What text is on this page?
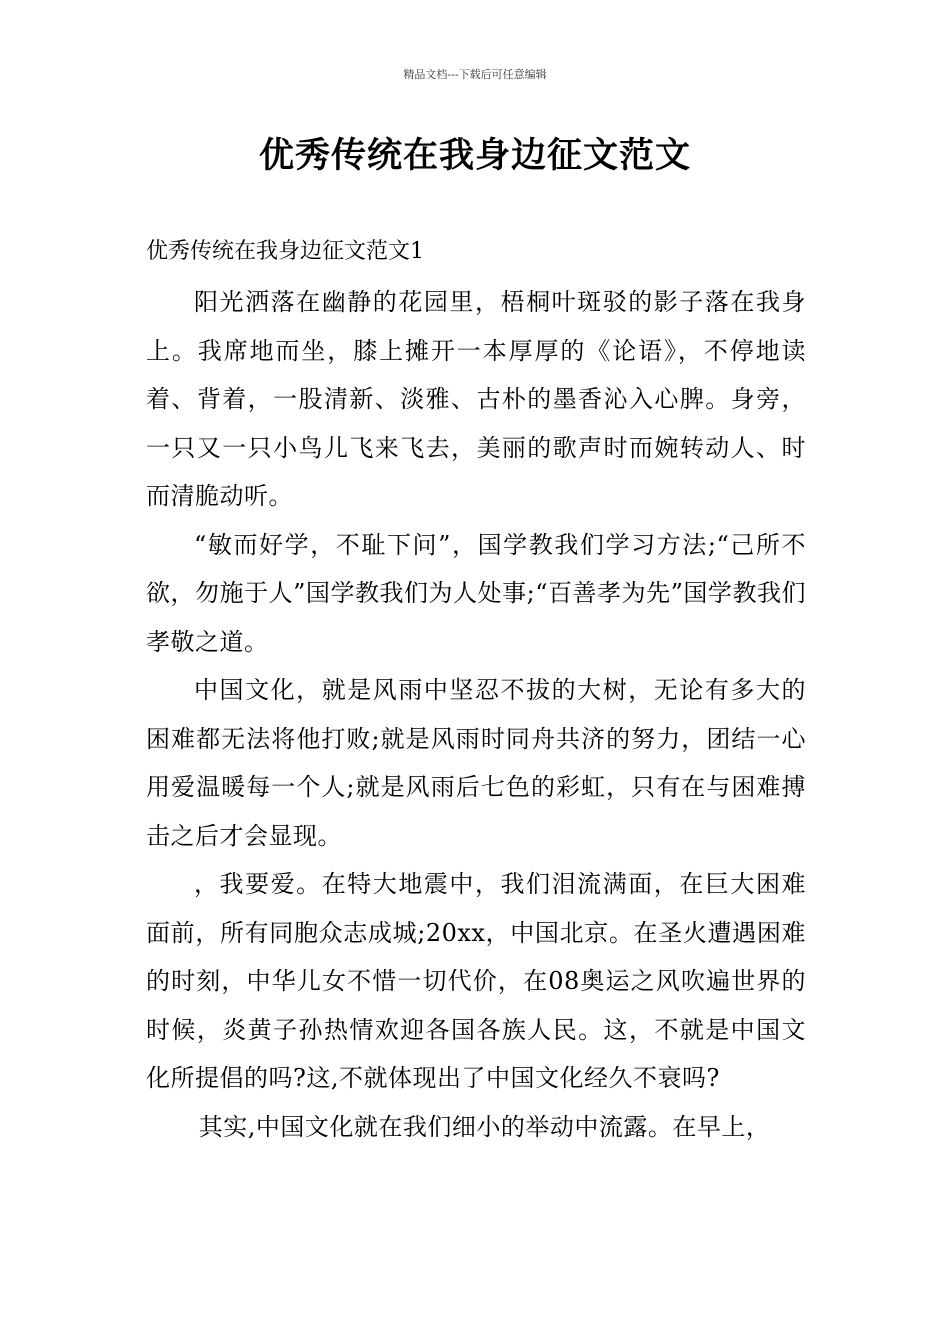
精品文档---下载后可任意编辑
优秀传统在我身边征文范文
优秀传统在我身边征文范文1

阳光洒落在幽静的花园里，梧桐叶斑驳的影子落在我身上。我席地而坐，膝上摊开一本厚厚的《论语》，不停地读着、背着，一股清新、淡雅、古朴的墨香沁入心脾。身旁，一只又一只小鸟儿飞来飞去，美丽的歌声时而婉转动人、时而清脆动听。

“敏而好学，不耻下问”，国学教我们学习方法;“己所不欲，勿施于人”国学教我们为人处事;“百善孝为先”国学教我们孝敬之道。

中国文化，就是风雨中坚忍不拔的大树，无论有多大的困难都无法将他打败;就是风雨时同舟共济的努力，团结一心用爱温暖每一个人;就是风雨后七色的彩虹，只有在与困难搏击之后才会显现。

，我要爱。在特大地震中，我们泪流满面，在巨大困难面前，所有同胞众志成城;20xx，中国北京。在圣火遭遇困难的时刻，中华儿女不惜一切代价，在08奥运之风吹遍世界的时候，炎黄子孙热情欢迎各国各族人民。这，不就是中国文化所提倡的吗?这,不就体现出了中国文化经久不衰吗?

其实,中国文化就在我们细小的举动中流露。在早上，
